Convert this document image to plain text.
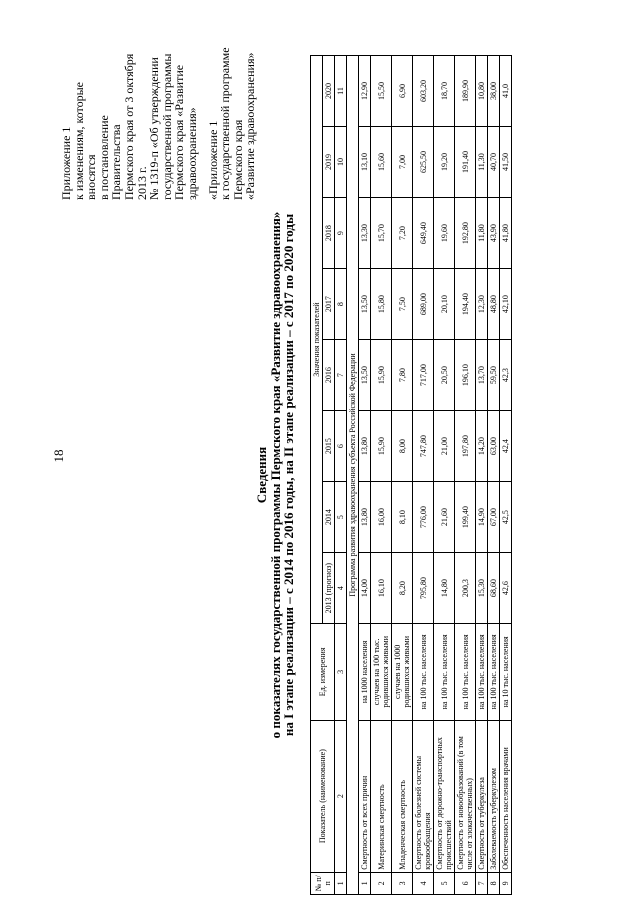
18

Приложение 1

к изменениям, которые вносятся

в постановление Правительства

Пермского края от 3 октября 2013 г.

№ 1319-п «Об утверждении

государственной программы

Пермского края «Развитие

здравоохранения» «Приложение 1

к государственной программе

Пермского края

«Развитие здравоохранения»

Сведения
о показателях государственной программы Пермского края «Развитие здравоохранения»
на I этапе реализации – с 2014 по 2016 годы, на II этапе реализации – с 2017 по 2020 годы
№ п/п	Показатель (наименование)	Ед. измерения	Значения показателей							
			2013 (прогноз)	2014	2015	2016	2017	2018	2019	2020
1	2	3	4	5	6	7	8	9	10	11
Программа развития здравоохранения субъекта Российской Федерации										
1	Смертность от всех причин	на 1000 населения	14,00	13,80	13,80	13,50	13,50	13,30	13,10	12,90
2	Материнская смертность	случаев на 100 тыс. родившихся живыми	16,10	16,00	15,90	15,90	15,80	15,70	15,60	15,50
3	Младенческая смертность	случаев на 1000 родившихся живыми	8,20	8,10	8,00	7,80	7,50	7,20	7,00	6,90
4	Смертность от болезней системы кровообращения	на 100 тыс. населения	795,80	776,00	747,80	717,00	689,00	649,40	625,50	603,20
5	Смертность от дорожно-транспортных происшествий	на 100 тыс. населения	14,80	21,60	21,00	20,50	20,10	19,60	19,20	18,70
6	Смертность от новообразований (в том числе от злокачественных)	на 100 тыс. населения	200,3	199,40	197,80	196,10	194,40	192,80	191,40	189,90
7	Смертность от туберкулеза	на 100 тыс. населения	15,30	14,90	14,20	13,70	12,30	11,80	11,30	10,80
8	Заболеваемость туберкулезом	на 100 тыс. населения	68,60	67,00	63,00	59,50	48,80	43,90	40,70	38,00
9	Обеспеченность населения врачами	на 10 тыс. населения	42,6	42,5	42,4	42,3	42,10	41,80	41,50	41,0
